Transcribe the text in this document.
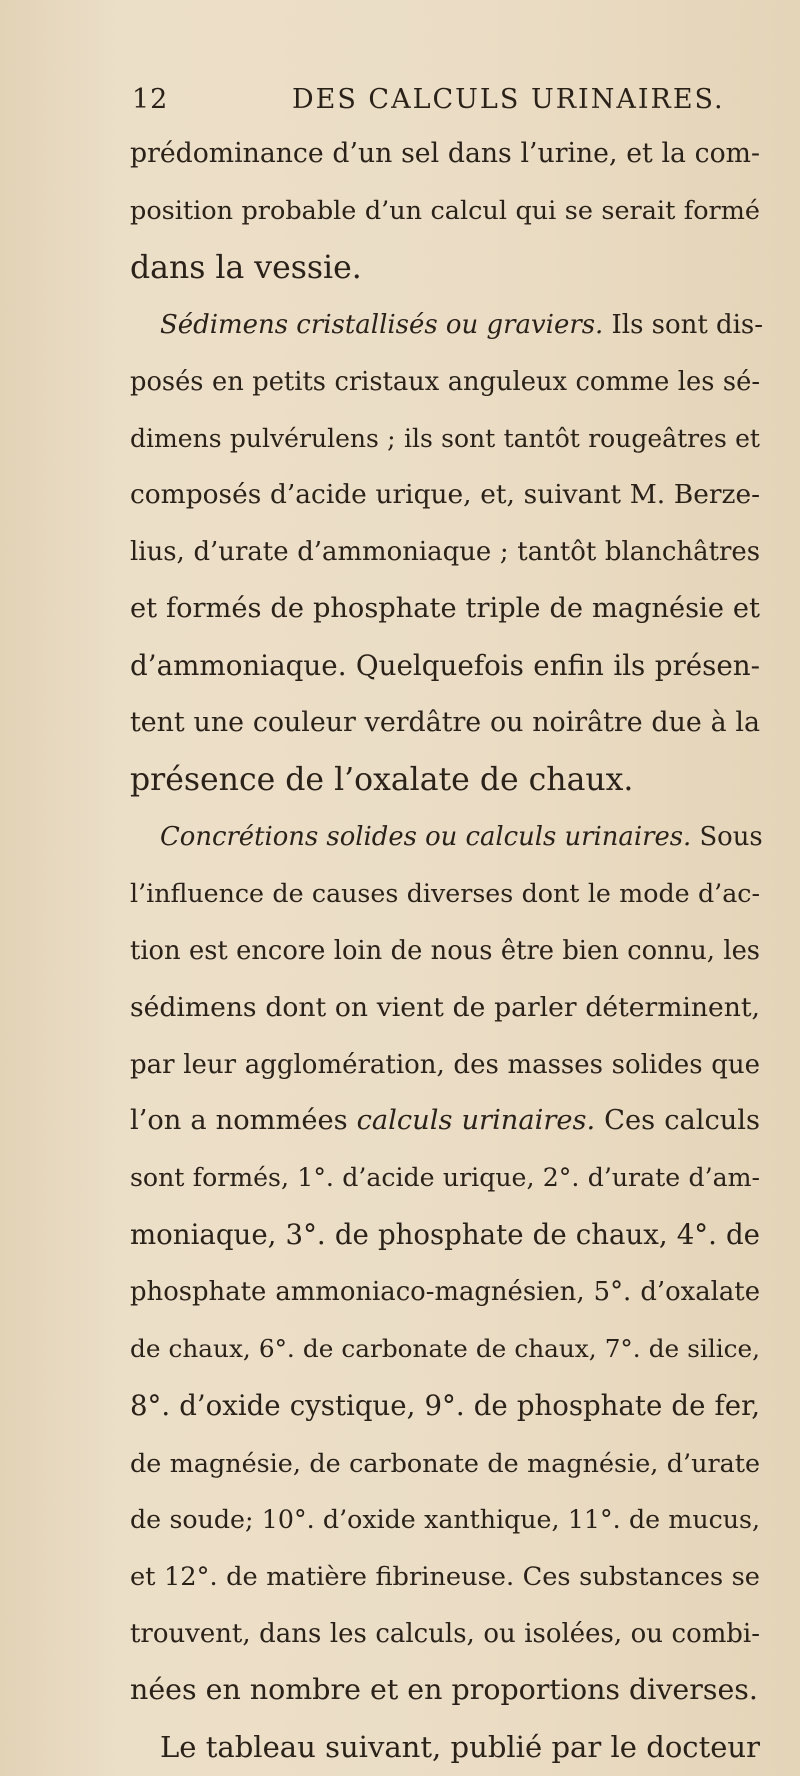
12	DES CALCULS URINAIRES.
prédominance d’un sel dans l’urine, et la com-
position probable d’un calcul qui se serait formé
dans la vessie.
Sédimens cristallisés ou graviers. Ils sont dis-
posés en petits cristaux anguleux comme les sé-
dimens pulvérulens ; ils sont tantôt rougeâtres et
composés d’acide urique, et, suivant M. Berze-
lius, d’urate d’ammoniaque ; tantôt blanchâtres
et formés de phosphate triple de magnésie et
d’ammoniaque. Quelquefois enfin ils présen-
tent une couleur verdâtre ou noirâtre due à la
présence de l’oxalate de chaux.
Concrétions solides ou calculs urinaires. Sous
l’influence de causes diverses dont le mode d’ac-
tion est encore loin de nous être bien connu, les
sédimens dont on vient de parler déterminent,
par leur agglomération, des masses solides que
l’on a nommées calculs urinaires. Ces calculs
sont formés, 1°. d’acide urique, 2°. d’urate d’am-
moniaque, 3°. de phosphate de chaux, 4°. de
phosphate ammoniaco-magnésien, 5°. d’oxalate
de chaux, 6°. de carbonate de chaux, 7°. de silice,
8°. d’oxide cystique, 9°. de phosphate de fer,
de magnésie, de carbonate de magnésie, d’urate
de soude; 10°. d’oxide xanthique, 11°. de mucus,
et 12°. de matière fibrineuse. Ces substances se
trouvent, dans les calculs, ou isolées, ou combi-
nées en nombre et en proportions diverses.
Le tableau suivant, publié par le docteur
